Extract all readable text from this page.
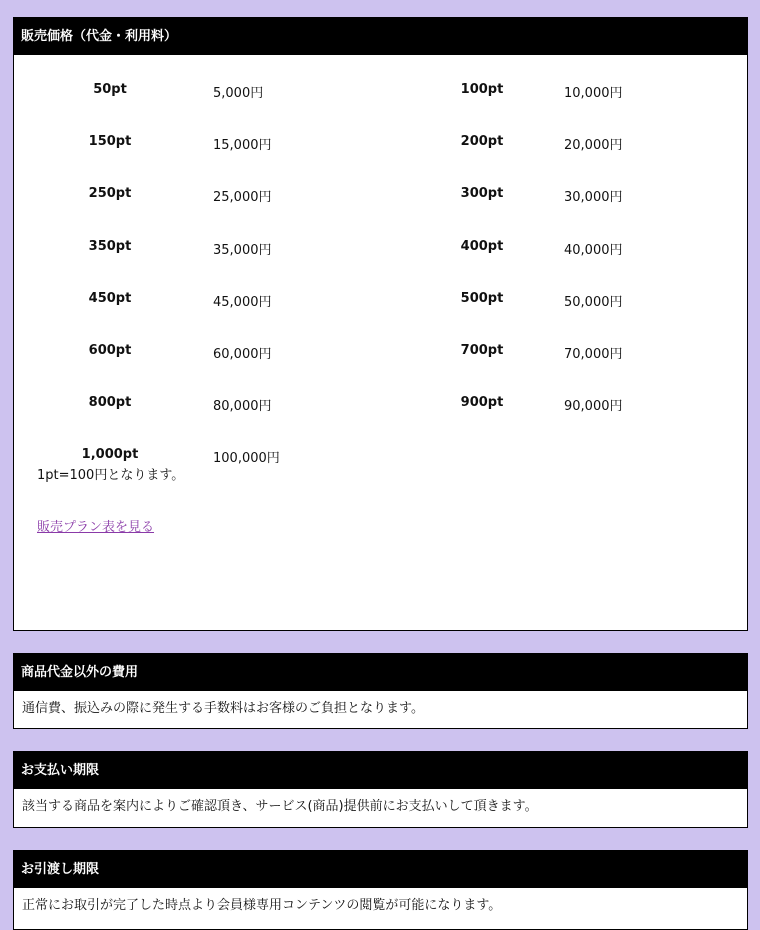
販売価格（代金・利用料）
50pt	5,000円	100pt	10,000円
150pt	15,000円	200pt	20,000円
250pt	25,000円	300pt	30,000円
350pt	35,000円	400pt	40,000円
450pt	45,000円	500pt	50,000円
600pt	60,000円	700pt	70,000円
800pt	80,000円	900pt	90,000円
1,000pt	100,000円
1pt=100円となります。
販売プラン表を見る
商品代金以外の費用
通信費、振込みの際に発生する手数料はお客様のご負担となります。
お支払い期限
該当する商品を案内によりご確認頂き、サービス(商品)提供前にお支払いして頂きます。
お引渡し期限
正常にお取引が完了した時点より会員様専用コンテンツの閲覧が可能になります。
